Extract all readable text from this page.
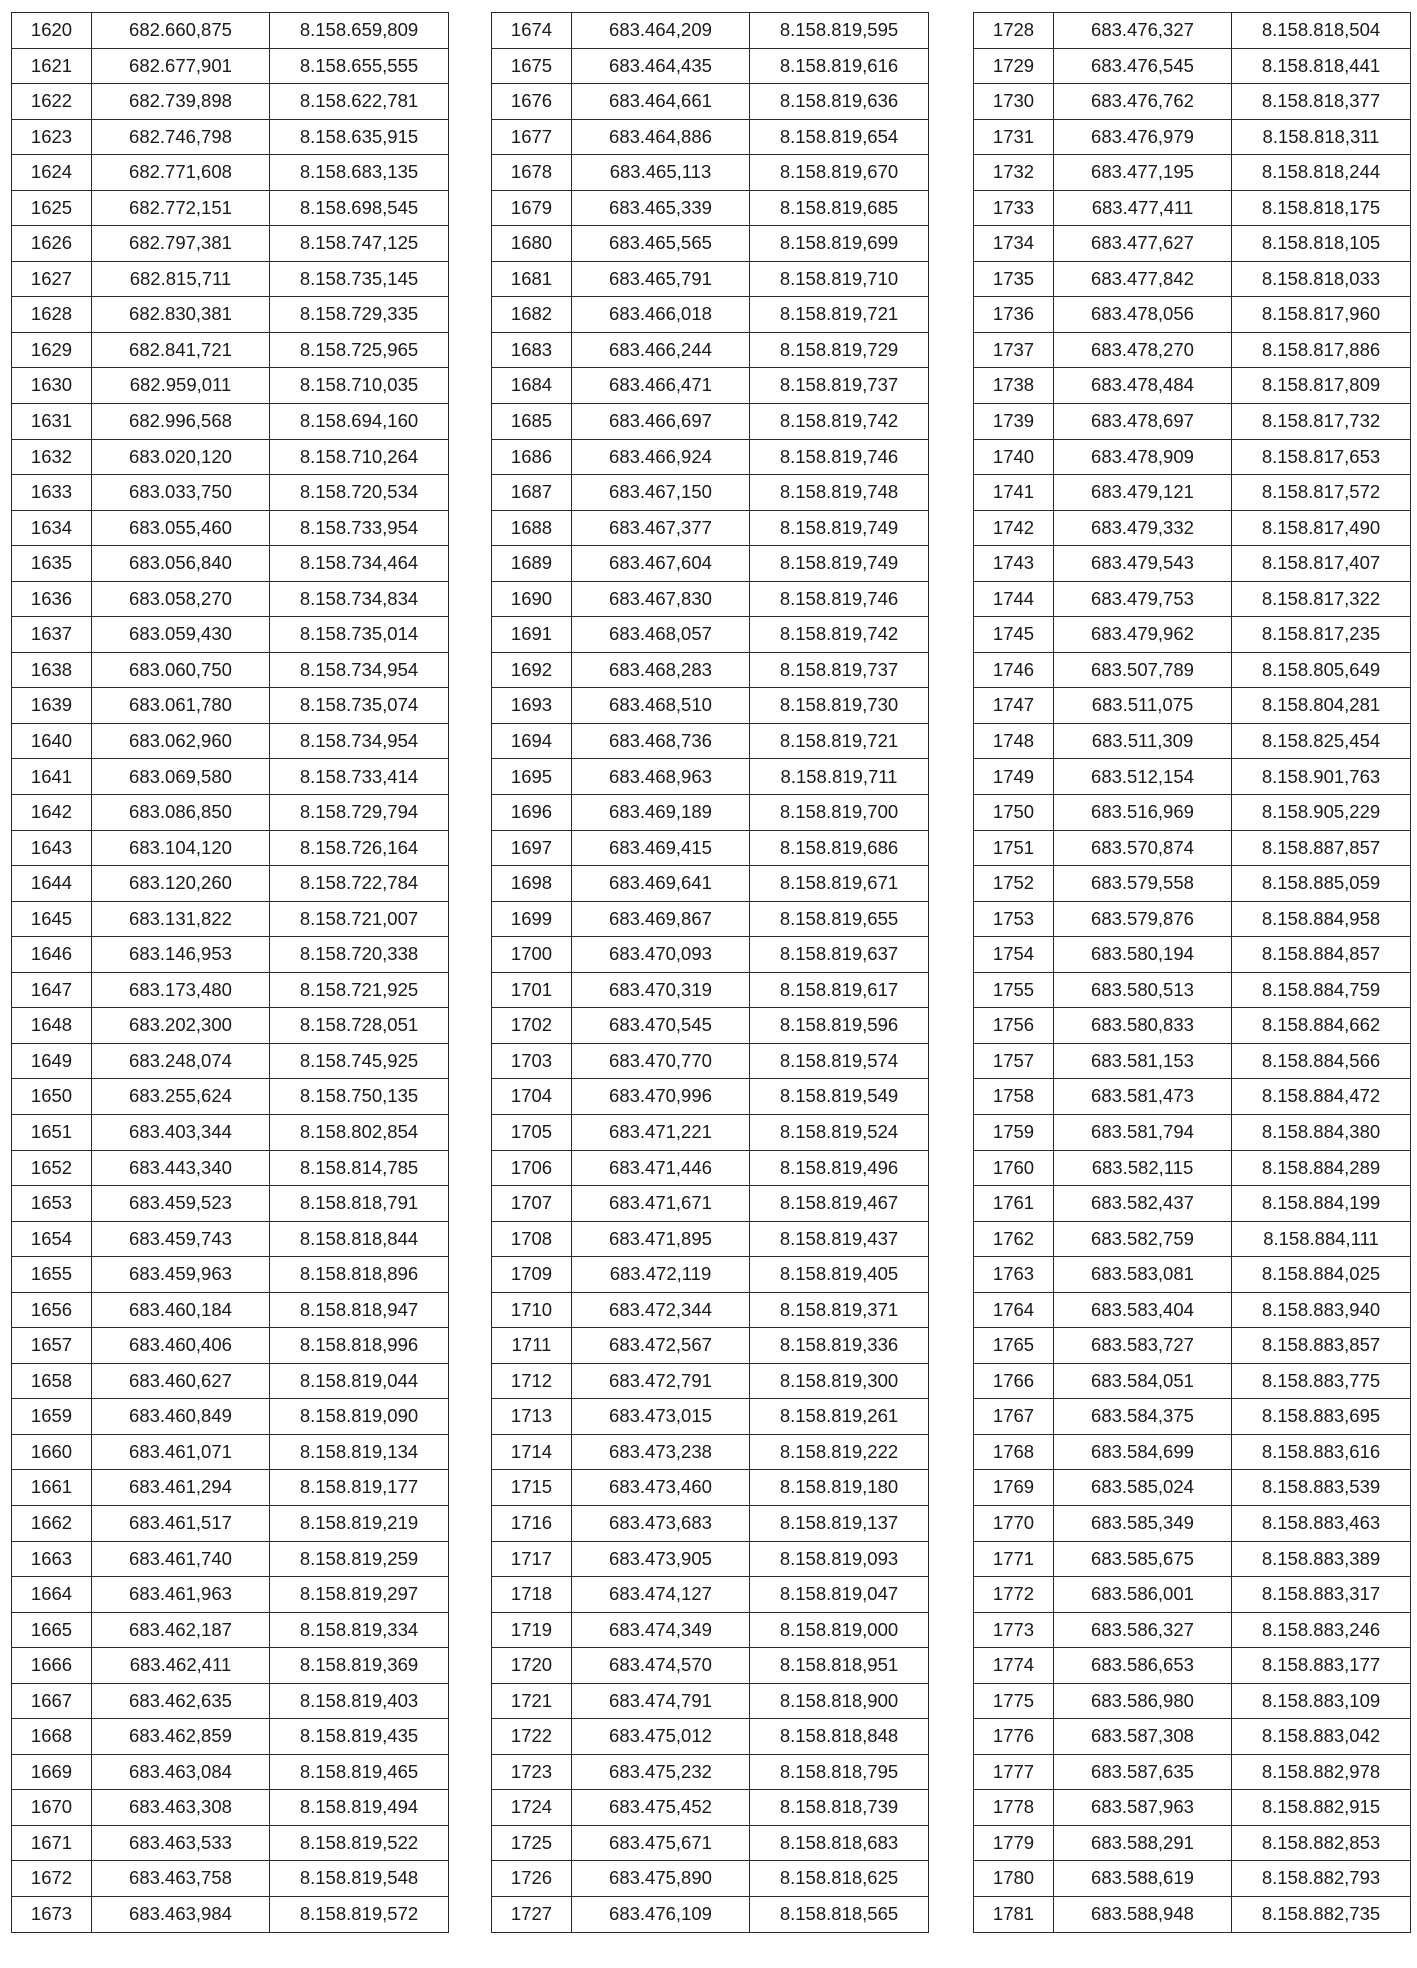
1620	682.660,875	8.158.659,809
1621	682.677,901	8.158.655,555
1622	682.739,898	8.158.622,781
1623	682.746,798	8.158.635,915
1624	682.771,608	8.158.683,135
1625	682.772,151	8.158.698,545
1626	682.797,381	8.158.747,125
1627	682.815,711	8.158.735,145
1628	682.830,381	8.158.729,335
1629	682.841,721	8.158.725,965
1630	682.959,011	8.158.710,035
1631	682.996,568	8.158.694,160
1632	683.020,120	8.158.710,264
1633	683.033,750	8.158.720,534
1634	683.055,460	8.158.733,954
1635	683.056,840	8.158.734,464
1636	683.058,270	8.158.734,834
1637	683.059,430	8.158.735,014
1638	683.060,750	8.158.734,954
1639	683.061,780	8.158.735,074
1640	683.062,960	8.158.734,954
1641	683.069,580	8.158.733,414
1642	683.086,850	8.158.729,794
1643	683.104,120	8.158.726,164
1644	683.120,260	8.158.722,784
1645	683.131,822	8.158.721,007
1646	683.146,953	8.158.720,338
1647	683.173,480	8.158.721,925
1648	683.202,300	8.158.728,051
1649	683.248,074	8.158.745,925
1650	683.255,624	8.158.750,135
1651	683.403,344	8.158.802,854
1652	683.443,340	8.158.814,785
1653	683.459,523	8.158.818,791
1654	683.459,743	8.158.818,844
1655	683.459,963	8.158.818,896
1656	683.460,184	8.158.818,947
1657	683.460,406	8.158.818,996
1658	683.460,627	8.158.819,044
1659	683.460,849	8.158.819,090
1660	683.461,071	8.158.819,134
1661	683.461,294	8.158.819,177
1662	683.461,517	8.158.819,219
1663	683.461,740	8.158.819,259
1664	683.461,963	8.158.819,297
1665	683.462,187	8.158.819,334
1666	683.462,411	8.158.819,369
1667	683.462,635	8.158.819,403
1668	683.462,859	8.158.819,435
1669	683.463,084	8.158.819,465
1670	683.463,308	8.158.819,494
1671	683.463,533	8.158.819,522
1672	683.463,758	8.158.819,548
1673	683.463,984	8.158.819,572
1674	683.464,209	8.158.819,595
1675	683.464,435	8.158.819,616
1676	683.464,661	8.158.819,636
1677	683.464,886	8.158.819,654
1678	683.465,113	8.158.819,670
1679	683.465,339	8.158.819,685
1680	683.465,565	8.158.819,699
1681	683.465,791	8.158.819,710
1682	683.466,018	8.158.819,721
1683	683.466,244	8.158.819,729
1684	683.466,471	8.158.819,737
1685	683.466,697	8.158.819,742
1686	683.466,924	8.158.819,746
1687	683.467,150	8.158.819,748
1688	683.467,377	8.158.819,749
1689	683.467,604	8.158.819,749
1690	683.467,830	8.158.819,746
1691	683.468,057	8.158.819,742
1692	683.468,283	8.158.819,737
1693	683.468,510	8.158.819,730
1694	683.468,736	8.158.819,721
1695	683.468,963	8.158.819,711
1696	683.469,189	8.158.819,700
1697	683.469,415	8.158.819,686
1698	683.469,641	8.158.819,671
1699	683.469,867	8.158.819,655
1700	683.470,093	8.158.819,637
1701	683.470,319	8.158.819,617
1702	683.470,545	8.158.819,596
1703	683.470,770	8.158.819,574
1704	683.470,996	8.158.819,549
1705	683.471,221	8.158.819,524
1706	683.471,446	8.158.819,496
1707	683.471,671	8.158.819,467
1708	683.471,895	8.158.819,437
1709	683.472,119	8.158.819,405
1710	683.472,344	8.158.819,371
1711	683.472,567	8.158.819,336
1712	683.472,791	8.158.819,300
1713	683.473,015	8.158.819,261
1714	683.473,238	8.158.819,222
1715	683.473,460	8.158.819,180
1716	683.473,683	8.158.819,137
1717	683.473,905	8.158.819,093
1718	683.474,127	8.158.819,047
1719	683.474,349	8.158.819,000
1720	683.474,570	8.158.818,951
1721	683.474,791	8.158.818,900
1722	683.475,012	8.158.818,848
1723	683.475,232	8.158.818,795
1724	683.475,452	8.158.818,739
1725	683.475,671	8.158.818,683
1726	683.475,890	8.158.818,625
1727	683.476,109	8.158.818,565
1728	683.476,327	8.158.818,504
1729	683.476,545	8.158.818,441
1730	683.476,762	8.158.818,377
1731	683.476,979	8.158.818,311
1732	683.477,195	8.158.818,244
1733	683.477,411	8.158.818,175
1734	683.477,627	8.158.818,105
1735	683.477,842	8.158.818,033
1736	683.478,056	8.158.817,960
1737	683.478,270	8.158.817,886
1738	683.478,484	8.158.817,809
1739	683.478,697	8.158.817,732
1740	683.478,909	8.158.817,653
1741	683.479,121	8.158.817,572
1742	683.479,332	8.158.817,490
1743	683.479,543	8.158.817,407
1744	683.479,753	8.158.817,322
1745	683.479,962	8.158.817,235
1746	683.507,789	8.158.805,649
1747	683.511,075	8.158.804,281
1748	683.511,309	8.158.825,454
1749	683.512,154	8.158.901,763
1750	683.516,969	8.158.905,229
1751	683.570,874	8.158.887,857
1752	683.579,558	8.158.885,059
1753	683.579,876	8.158.884,958
1754	683.580,194	8.158.884,857
1755	683.580,513	8.158.884,759
1756	683.580,833	8.158.884,662
1757	683.581,153	8.158.884,566
1758	683.581,473	8.158.884,472
1759	683.581,794	8.158.884,380
1760	683.582,115	8.158.884,289
1761	683.582,437	8.158.884,199
1762	683.582,759	8.158.884,111
1763	683.583,081	8.158.884,025
1764	683.583,404	8.158.883,940
1765	683.583,727	8.158.883,857
1766	683.584,051	8.158.883,775
1767	683.584,375	8.158.883,695
1768	683.584,699	8.158.883,616
1769	683.585,024	8.158.883,539
1770	683.585,349	8.158.883,463
1771	683.585,675	8.158.883,389
1772	683.586,001	8.158.883,317
1773	683.586,327	8.158.883,246
1774	683.586,653	8.158.883,177
1775	683.586,980	8.158.883,109
1776	683.587,308	8.158.883,042
1777	683.587,635	8.158.882,978
1778	683.587,963	8.158.882,915
1779	683.588,291	8.158.882,853
1780	683.588,619	8.158.882,793
1781	683.588,948	8.158.882,735
